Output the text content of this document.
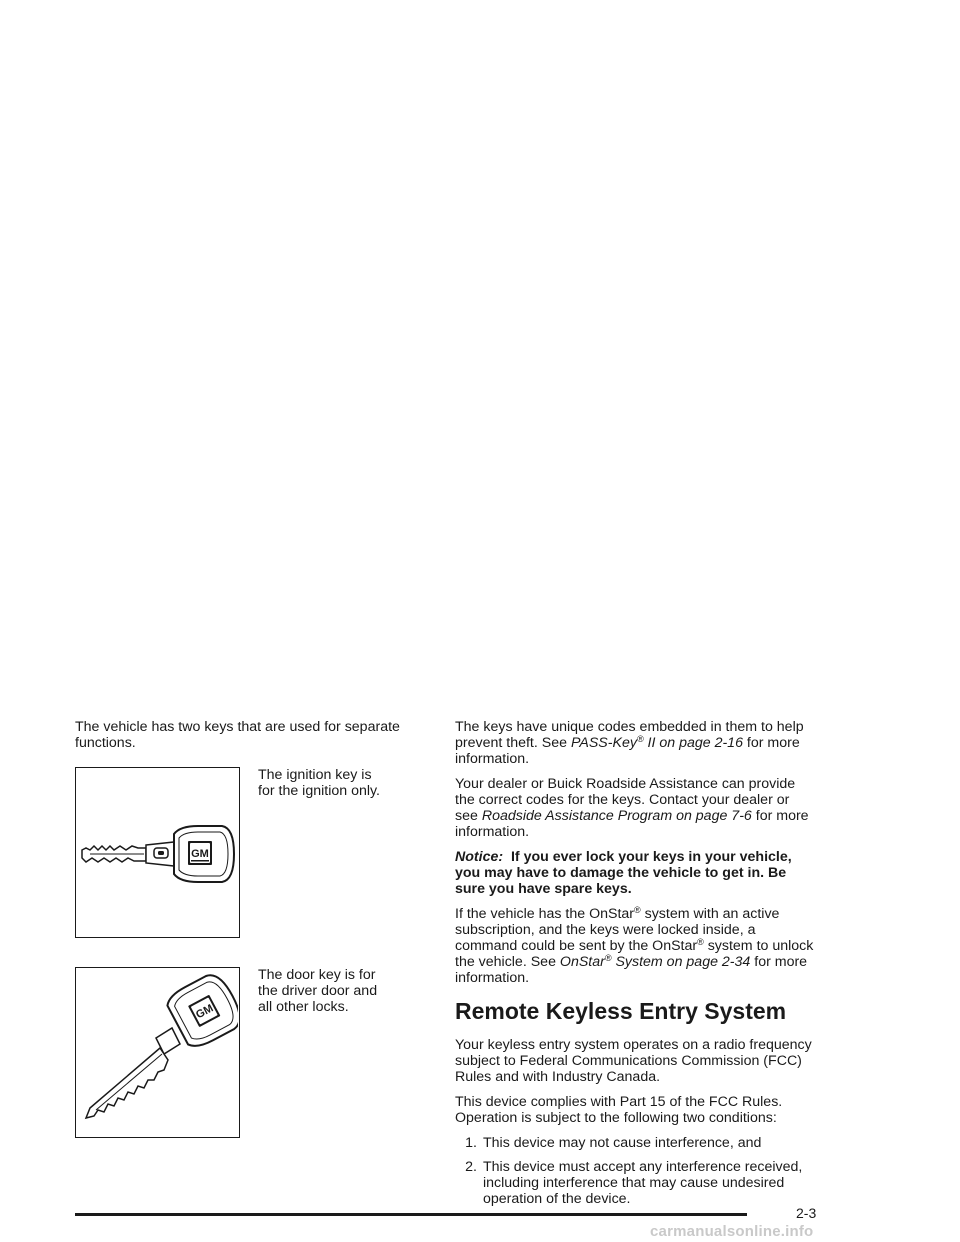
The vehicle has two keys that are used for separate functions.

GM

The ignition key is for the ignition only.

GM

The door key is for the driver door and all other locks.

The keys have unique codes embedded in them to help prevent theft. See PASS-Key® II on page 2-16 for more information.

Your dealer or Buick Roadside Assistance can provide the correct codes for the keys. Contact your dealer or see Roadside Assistance Program on page 7-6 for more information.

Notice: If you ever lock your keys in your vehicle, you may have to damage the vehicle to get in. Be sure you have spare keys.

If the vehicle has the OnStar® system with an active subscription, and the keys were locked inside, a command could be sent by the OnStar® system to unlock the vehicle. See OnStar® System on page 2-34 for more information.

Remote Keyless Entry System

Your keyless entry system operates on a radio frequency subject to Federal Communications Commission (FCC) Rules and with Industry Canada.

This device complies with Part 15 of the FCC Rules. Operation is subject to the following two conditions:

1. This device may not cause interference, and
2. This device must accept any interference received, including interference that may cause undesired operation of the device.
2-3
carmanualsonline.info
